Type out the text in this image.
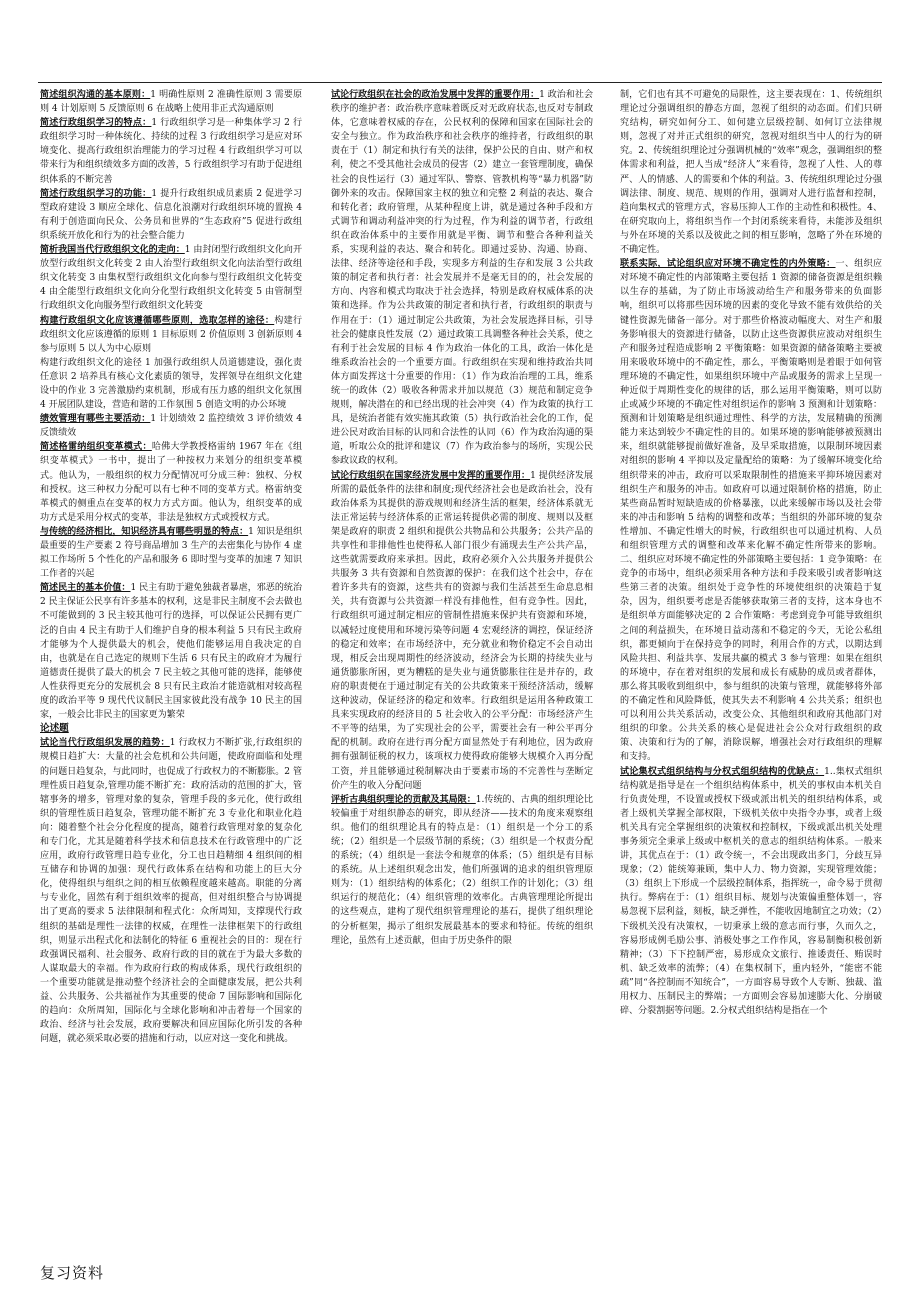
简述组织沟通的基本原则：1 明确性原则 2 准确性原则 3 需要原则 4 计划原则 5 反馈原则 6 在战略上使用非正式沟通原则

简述行政组织学习的特点：1 行政组织学习是一种集体学习 2 行政组织学习时一种体统化、持续的过程 3 行政组织学习是应对环境变化、提高行政组织治理能力的学习过程 4 行政组织学习可以带来行为和组织绩效多方面的改善，5 行政组织学习有助于促进组织体系的不断完善

简述行政组织学习的功能：1 提升行政组织成员素质 2 促进学习型政府建设 3 顺应全球化、信息化浪潮对行政组织环境的置换 4 有利于创造面向民众、公务员和世界的“生态政府”5 促进行政组织系统开放化和行为的社会整合能力

简析我国当代行政组织文化的走向：1 由封闭型行政组织文化向开放型行政组织文化转变 2 由人治型行政组织文化向法治型行政组织文化转变 3 由集权型行政组织文化向参与型行政组织文化转变 4 由全能型行政组织文化向分化型行政组织文化转变 5 由管制型行政组织文化向服务型行政组织文化转变

构建行政组织文化应该遵循哪些原则，选取怎样的途径：构建行政组织文化应该遵循的原则 1 目标原则 2 价值原则 3 创新原则 4 参与原则 5 以人为中心原则

构建行政组织文化的途径 1 加强行政组织人员道德建设，强化责任意识 2 培养具有核心文化素质的领导，发挥领导在组织文化建设中的作业 3 完善激励约束机制，形成有压力感的组织文化氛围 4 开展团队建设，营造和谐的工作氛围 5 创造文明的办公环境

绩效管理有哪些主要活动：1 计划绩效 2 监控绩效 3 评价绩效 4 反馈绩效

简述格雷纳组织变革模式：哈佛大学教授格雷纳 1967 年在《组织变革模式》一书中，提出了一种按权力来划分的组织变革模式。他认为，一般组织的权力分配情况可分成三种：独权、分权和授权。这三种权力分配可以有七种不同的变革方式。格雷纳变革模式的侧重点在变革的权力方式方面。他认为，组织变革的成功方式是采用分权式的变革，非法是独权方式或授权方式。

与传统的经济相比，知识经济具有哪些明显的特点：1 知识是组织最重要的生产要素 2 符号商品增加 3 生产的去密集化与协作 4 虚拟工作场所 5 个性化的产品和服务 6 即时型与变革的加速 7 知识工作者的兴起

简述民主的基本价值：1 民主有助于避免独裁者暴虐，邪恶的统治 2 民主保证公民享有许多基本的权利，这是非民主制度不会去做也不可能做到的 3 民主较其他可行的选择，可以保证公民拥有更广泛的自由 4 民主有助于人们维护自身的根本利益 5 只有民主政府才能够为个人提供最大的机会，使他们能够运用自我决定的自由，也就是在自己选定的规则下生活 6 只有民主的政府才为履行道德责任提供了最大的机会 7 民主较之其他可能的选择，能够使人性获得更充分的发展机会 8 只有民主政治才能造就相对较高程度的政治平等 9 现代代议制民主国家彼此没有战争 10 民主的国家，一般会比非民主的国家更为繁荣

论述题

试论当代行政组织发展的趋势：1 行政权力不断扩张,行政组织的规模日趋扩大：大量的社会危机和公共问题，使政府面临和处理的问题日趋复杂，与此同时，也促成了行政权力的不断膨胀。2 管理性质日趋复杂,管理功能不断扩充：政府活动的范围的扩大，管辖事务的增多，管理对象的复杂，管理手段的多元化，使行政组织的管理性质日趋复杂，管理功能不断扩充 3 专业化和职业化趋向：随着整个社会分化程度的提高，随着行政管理对象的复杂化和专门化，尤其是随着科学技术和信息技术在行政管理中的广泛应用，政府行政管理日趋专业化，分工也日趋精细 4 组织间的相互储存和协调的加强：现代行政体系在结构和功能上的巨大分化，使得组织与组织之间的相互依赖程度越来越高。职能的分离与专业化，固然有利于组织效率的提高，但对组织整合与协调提出了更高的要求 5 法律限制和程式化：众所周知，支撑现代行政组织的基础是理性一法律的权威，在理性一法律框架下的行政组织，则显示出程式化和法制化的特征 6 重视社会的目的：现在行政强调民福利、社会服务、政府行政的目的就在于为最大多数的人谋取最大的幸福。作为政府行政的构成体系，现代行政组织的一个重要功能就是推动整个经济社会的全面健康发展，把公共利益、公共服务、公共福祉作为其重要的使命 7 国际影响和国际化的趋向：众所周知，国际化与全球化影响和冲击着每一个国家的政治、经济与社会发展，政府要解决和回应国际化所引发的各种问题，就必须采取必要的措施和行动，以应对这一变化和挑战。

试论行政组织在社会的政治发展中发挥的重要作用：1 政治和社会秩序的维护者：政治秩序意味着既反对无政府状态,也反对专制政体，它意味着权威的存在，公民权利的保障和国家在国际社会的安全与独立。作为政治秩序和社会秩序的维持者，行政组织的职责在于（1）制定和执行有关的法律，保护公民的自由、财产和权利，使之不受其他社会成员的侵害（2）建立一套管理制度，确保社会的良性运行（3）通过军队、警察、管教机构等“暴力机器”防御外来的攻击。保障国家主权的独立和完整 2 利益的表达、聚合和转化者；政府管理，从某种程度上讲，就是通过各种手段和方式调节和调动利益冲突的行为过程，作为利益的调节者，行政组织在政治体系中的主要作用就是平衡、调节和整合各种利益关系，实现利益的表达、聚合和转化。即通过妥协、沟通、协商、法律、经济等途径和手段，实现多方利益的生存和发展 3 公共政策的制定者和执行者：社会发展并不是毫无目的的，社会发展的方向、内容和模式均取决于社会选择，特别是政府权威体系的决策和选择。作为公共政策的制定者和执行者，行政组织的职责与作用在于：（1）通过制定公共政策，为社会发展选择目标，引导社会的健康良性发展（2）通过政策工具调整各种社会关系，使之有利于社会发展的目标 4 作为政治一体化的工具，政治一体化是维系政治社会的一个重要方面。行政组织在实现和维持政治共同体方面发挥这十分重要的作用：（1）作为政治治理的工具，维系统一的政体（2）吸收各种需求并加以规范（3）规范和制定竞争规则，解决潜在的和已经出现的社会冲突（4）作为政策的执行工具，是统治者能有效实施其政策（5）执行政治社会化的工作，促进公民对政治目标的认同和合法性的认同（6）作为政治沟通的渠道，听取公众的批评和建议（7）作为政治参与的场所，实现公民参政议政的权利。

试论行政组织在国家经济发展中发挥的重要作用：1 提供经济发展所需的最低条件的法律和制度;现代经济社会也是政治社会，没有政治体系为其提供的游戏规则和经济生活的框架，经济体系就无法正常运转与经济体系的正常运转提供必需的制度、规则以及框架是政府的职责 2 组织和提供公共物品和公共服务；公共产品的共享性和非排他性也使得私人部门很少有涌现去生产公共产品，这些就需要政府来承担。因此，政府必须介入公共服务并提供公共服务 3 共有资源和自然资源的保护：在我们这个社会中，存在着许多共有的资源，这些共有的资源与我们生活甚至生命息息相关，共有资源与公共资源一样没有排他性，但有竞争性。因此，行政组织可通过制定相应的管制性措施来保护共有资源和环境，以减轻过度使用和环境污染等问题 4 宏观经济的调控，保证经济的稳定和效率；在市场经济中，充分就业和物价稳定不会自动出现，相反会出现周期性的经济波动，经济会为长期的持续失业与通货膨胀所困，更为糟糕的是失业与通货膨胀往往是并存的，政府的职责便在于通过制定有关的公共政策来干预经济活动，缓解这种波动，保证经济的稳定和效率。行政组织是运用各种政策工具来实现政府的经济目的 5 社会收入的公平分配：市场经济产生不平等的结果，为了实现社会的公平，需要社会有一种公平再分配的机制。政府在进行再分配方面显然处于有利地位，因为政府拥有强制征税的权力，该项权力使得政府能够大规模介入再分配工资，并且能够通过税制解决由于要素市场的不完善性与垄断定价产生的收入分配问题

评析古典组织理论的贡献及其局限：1.传统的、古典的组织理论比较偏重于对组织静态的研究，即从经济——技术的角度来观察组织。他们的组织理论具有的特点是：（1）组织是一个分工的系统；（2）组织是一个层级节制的系统；（3）组织是一个权责分配的系统；（4）组织是一套法令和规章的体系；（5）组织是有目标的系统。从上述组织观念出发，他们所强调的追求的组织管理原则为：（1）组织结构的体系化；（2）组织工作的计划化；（3）组织运行的规范化；（4）组织管理的效率化。古典管理理论所提出的这些观点，建构了现代组织管理理论的基石，提供了组织理论的分析框架，揭示了组织发展最基本的要求和特征。传统的组织理论，虽然有上述贡献，但由于历史条件的限

制，它们也有其不可避免的局限性，这主要表现在：1、传统组织理论过分强调组织的静态方面，忽视了组织的动态面。们们只研究结构，研究如何分工、如何建立层级控制、如何订立法律规则，忽视了对并正式组织的研究，忽视对组织当中人的行为的研究。2、传统组织理论过分强调机械的“效率”观念，强调组织的整体需求和利益，把人当成“经济人”来看待，忽视了人性、人的尊严、人的情感、人的需要和个体的利益。3、传统组织理论过分强调法律、制度、规范、规则的作用，强调对人进行监督和控制，趋向集权式的管理方式，容易压抑人工作的主动性和积极性。4、在研究取向上，将组织当作一个封闭系统来看待，未能涉及组织与外在环境的关系以及彼此之间的相互影响，忽略了外在环境的不确定性。

联系实际，试论组织应对环境不确定性的内外策略：一、组织应对环境不确定性的内部策略主要包括 1 资源的储备资源是组织赖以生存的基础，为了防止市场波动给生产和服务带来的负面影响，组织可以将那些因环境的因素的变化导致不能有效供给的关键性资源先储备一部分。对于那些价格波动幅度大、对生产和服务影响很大的资源进行储备，以防止这些资源供应波动对组织生产和服务过程造成影响 2 平衡策略：如果资源的储备策略主要被用来吸收环境中的不确定性，那么，平衡策略则是着眼于如何管理环境的不确定性，如果组织环境中产品或服务的需求上呈现一种近似于周期性变化的规律的话，那么运用平衡策略，则可以防止或减少环境的不确定性对组织运作的影响 3 预测和计划策略：预测和计划策略是组织通过理性、科学的方法，发展精确的预测能力来达到较少不确定性的目的。如果环境的影响能够被预测出来，组织就能够提前做好准备，及早采取措施，以限制环境因素对组织的影响 4 平抑以及定量配给的策略：为了缓解环境变化给组织带来的冲击，政府可以采取限制性的措施来平抑环境因素对组织生产和服务的冲击。如政府可以通过限制价格的措施，防止某些商品暂时短缺造成的价格暴涨，以此来缓解市场以及社会带来的冲击和影响 5 结构的调整和改革；当组织的外部环境的复杂性增加、不确定性增大的时候，行政组织也可以通过机构、人员和组织管理方式的调整和改革来化解不确定性所带来的影响。二、组织应对环境不确定性的外部策略主要包括：1 竞争策略：在竞争的市场中，组织必须采用各种方法和手段来吸引或者影响这些第三者的决策。组织处于竞争性的环境使组织的决策趋于复杂，因为，组织要考虑是否能够获取第三者的支持，这本身也不是组织单方面能够决定的 2 合作策略：考虑到竞争可能导致组织之间的利益损失，在环境日益动荡和不稳定的今天，无论公私组织，都更倾向于在保持竞争的同时，利用合作的方式，以期达到风险共担、利益共享、发展共赢的模式 3 参与管理：如果在组织的环境中，存在着对组织的发展和成长有威胁的成员或者群体，那么将其吸收到组织中，参与组织的决策与管理，就能够将外部的不确定性和风险降低，使其失去不利影响 4 公共关系；组织也可以利用公共关系活动，改变公众、其他组织和政府其他部门对组织的印象。公共关系的核心是促进社会公众对行政组织的政策、决策和行为的了解，消除误解，增强社会对行政组织的理解和支持。

试论集权式组织结构与分权式组织结构的优缺点：1..集权式组织结构就是指导是在一个组织结构体系中，机关的事权由本机关自行负责处理，不设置或授权下级或派出机关的组织结构体系，或者上级机关掌握全部权限，下级机关依中央指令办事，或者上级机关具有完全掌握组织的决策权和控制权，下级或派出机关处理事务须完全秉承上级或中枢机关的意志的组织结构体系。一般来讲，其优点在于：（1）政令统一，不会出现政出多门，分歧互异现象；（2）能统筹兼顾，集中人力、物力资源，实现管理效能；（3）组织上下形成一个层级控制体系，指挥统一，命令易于贯彻执行。弊病在于：（1）组织目标、规划与决策偏重整体划一，容易忽视下层利益，刻板，缺乏弹性，不能收因地制宜之功效；（2）下级机关没有决策权，一切秉承上级的意志而行事，久而久之，容易形成例毛励公事、消极处事之工作作风，容易制衡积极创新精神；（3）下下控制严密，易形成众文旅行、推诿责任、贿误时机、缺乏效率的流弊；（4）在集权制下，重内轻外，“能密不能疏”同“各控制而不知统合”，一方面容易导致个人专断、独裁、滥用权力、压制民主的弊端；一方面则会容易加速膨大化、分崩破碎、分裂割据等问题。2.分权式组织结构是指在一个

复习资料
